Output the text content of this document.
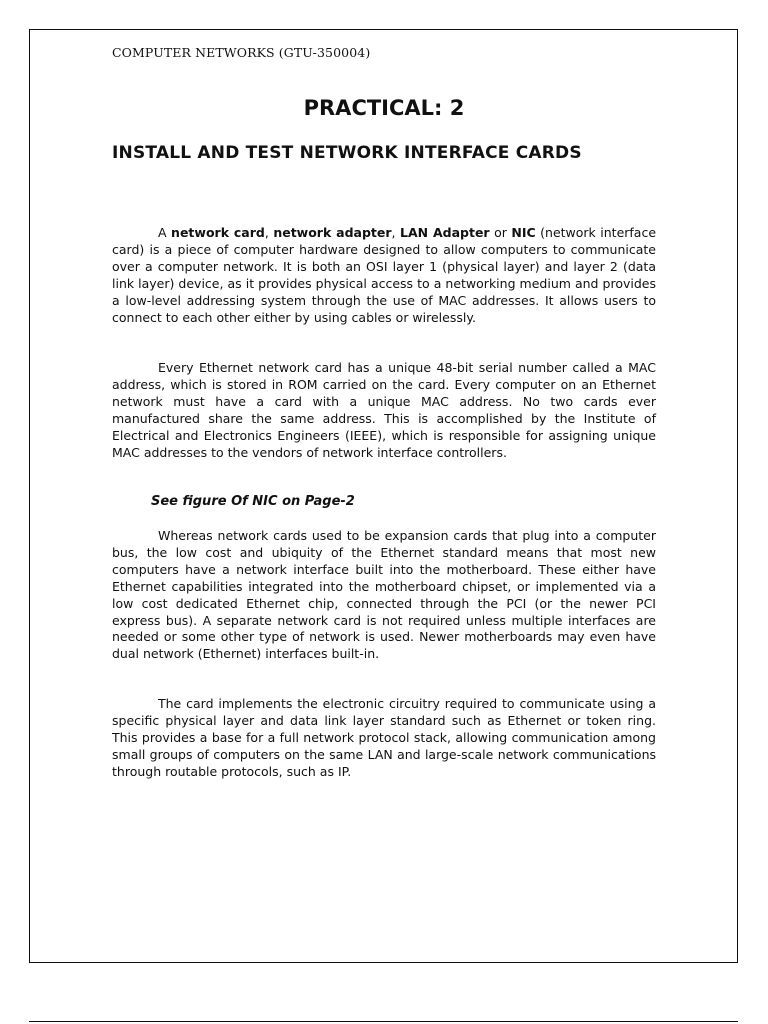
COMPUTER NETWORKS (GTU-350004)
PRACTICAL: 2
INSTALL AND TEST NETWORK INTERFACE CARDS

A network card, network adapter, LAN Adapter or NIC (network interface card) is a piece of computer hardware designed to allow computers to communicate over a computer network. It is both an OSI layer 1 (physical layer) and layer 2 (data link layer) device, as it provides physical access to a networking medium and provides a low-level addressing system through the use of MAC addresses. It allows users to connect to each other either by using cables or wirelessly.

Every Ethernet network card has a unique 48-bit serial number called a MAC address, which is stored in ROM carried on the card. Every computer on an Ethernet network must have a card with a unique MAC address. No two cards ever manufactured share the same address. This is accomplished by the Institute of Electrical and Electronics Engineers (IEEE), which is responsible for assigning unique MAC addresses to the vendors of network interface controllers.

See figure Of NIC on Page-2

Whereas network cards used to be expansion cards that plug into a computer bus, the low cost and ubiquity of the Ethernet standard means that most new computers have a network interface built into the motherboard. These either have Ethernet capabilities integrated into the motherboard chipset, or implemented via a low cost dedicated Ethernet chip, connected through the PCI (or the newer PCI express bus). A separate network card is not required unless multiple interfaces are needed or some other type of network is used. Newer motherboards may even have dual network (Ethernet) interfaces built-in.

The card implements the electronic circuitry required to communicate using a specific physical layer and data link layer standard such as Ethernet or token ring. This provides a base for a full network protocol stack, allowing communication among small groups of computers on the same LAN and large-scale network communications through routable protocols, such as IP.
